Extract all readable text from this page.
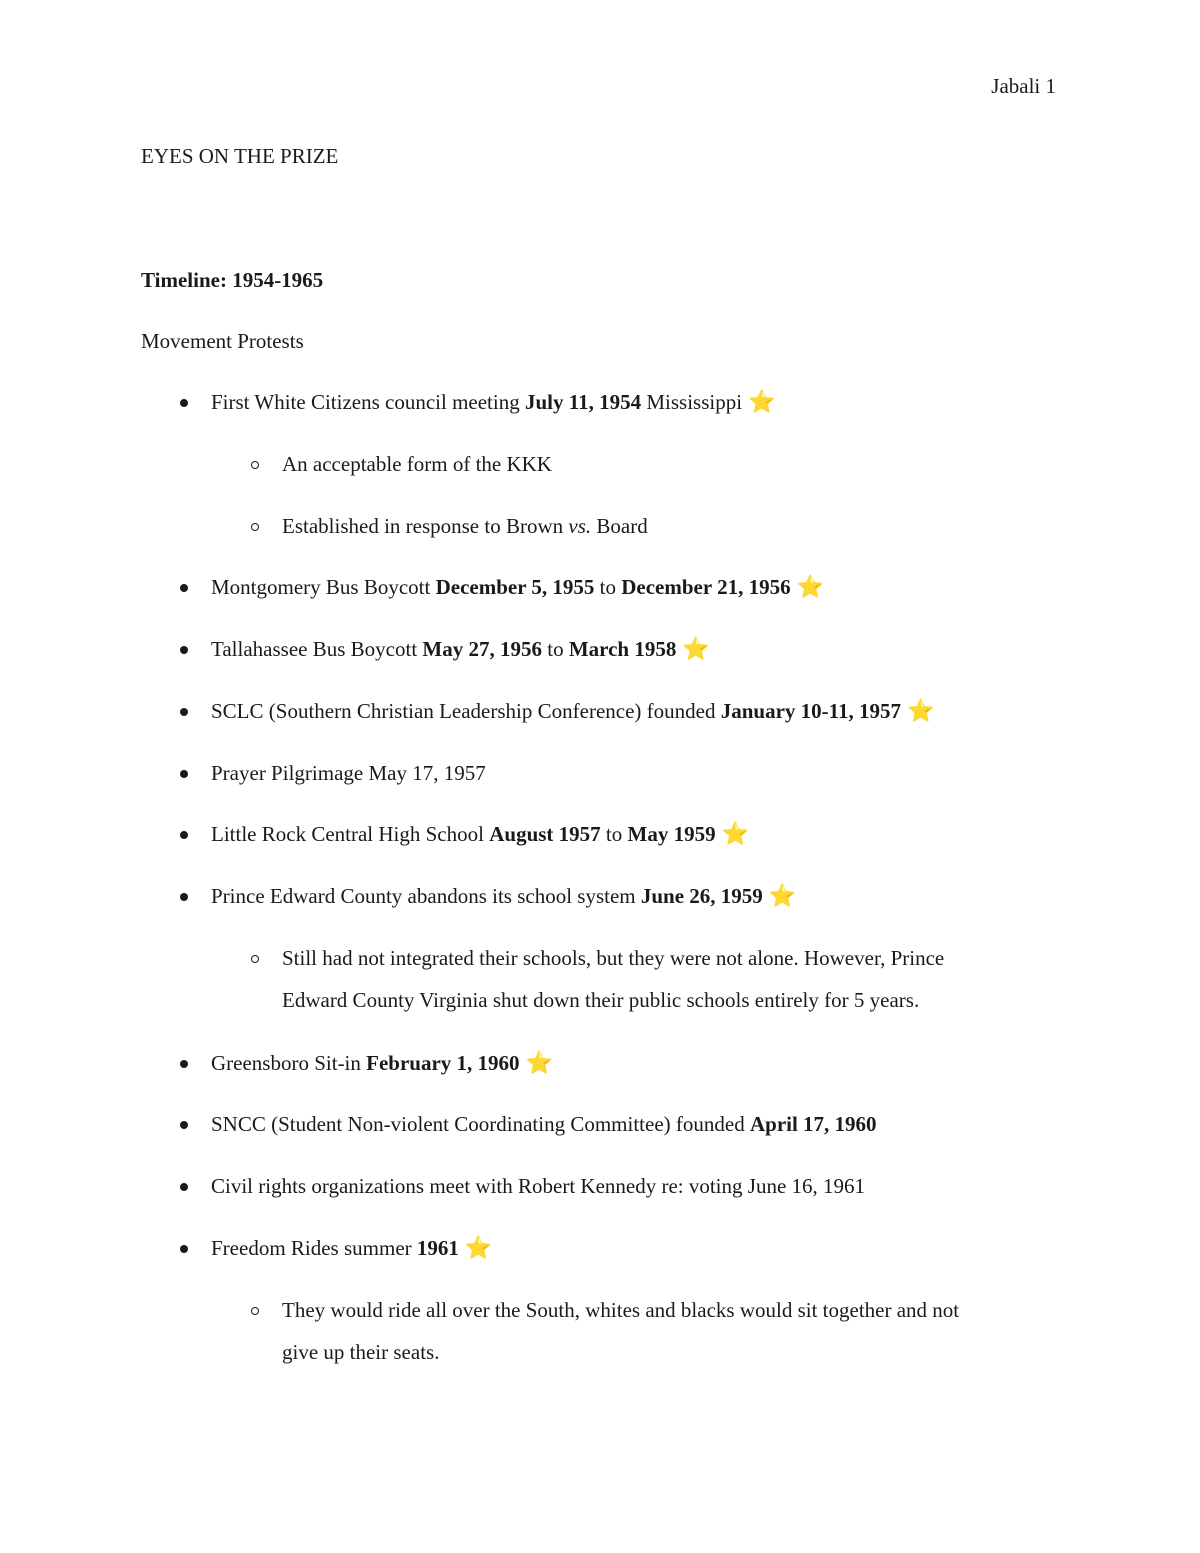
Jabali 1
EYES ON THE PRIZE
Timeline: 1954-1965
Movement Protests
First White Citizens council meeting July 11, 1954 Mississippi ⭐
An acceptable form of the KKK
Established in response to Brown vs. Board
Montgomery Bus Boycott December 5, 1955 to December 21, 1956 ⭐
Tallahassee Bus Boycott May 27, 1956 to March 1958 ⭐
SCLC (Southern Christian Leadership Conference) founded January 10-11, 1957 ⭐
Prayer Pilgrimage May 17, 1957
Little Rock Central High School August 1957 to May 1959 ⭐
Prince Edward County abandons its school system June 26, 1959 ⭐
Still had not integrated their schools, but they were not alone. However, Prince
Edward County Virginia shut down their public schools entirely for 5 years.
Greensboro Sit-in February 1, 1960 ⭐
SNCC (Student Non-violent Coordinating Committee) founded April 17, 1960
Civil rights organizations meet with Robert Kennedy re: voting June 16, 1961
Freedom Rides summer 1961 ⭐
They would ride all over the South, whites and blacks would sit together and not
give up their seats.
